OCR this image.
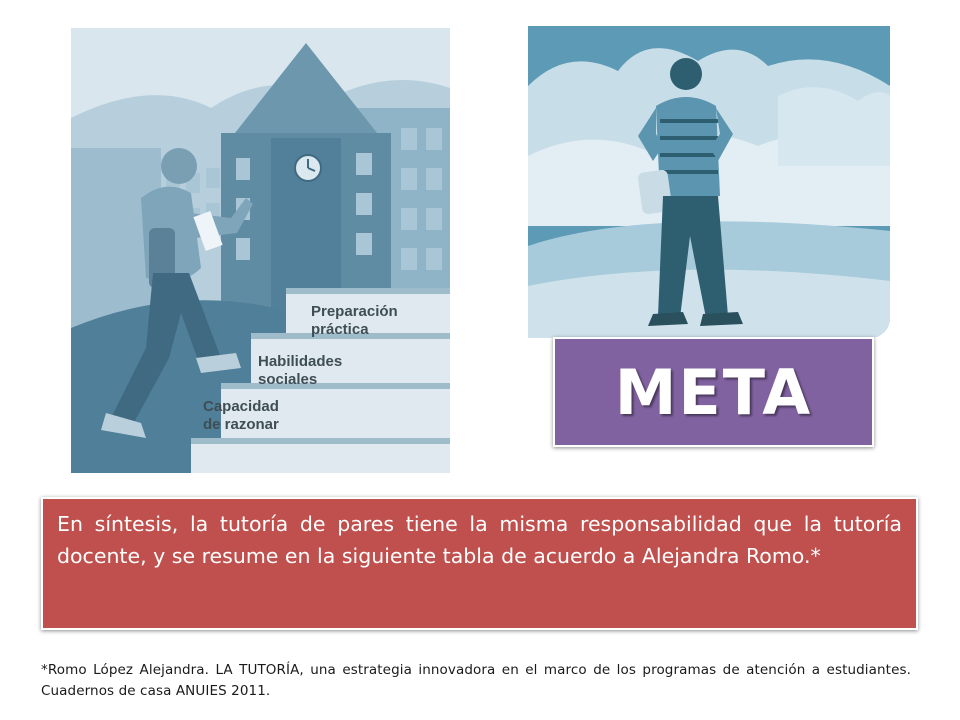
Preparación
práctica
Habilidades
sociales
Capacidad
de razonar	META
En síntesis, la tutoría de pares tiene la misma responsabilidad que la tutoría docente, y se resume en la siguiente tabla de acuerdo a Alejandra Romo.*
*Romo López Alejandra. LA TUTORÍA, una estrategia innovadora en el marco de los programas de atención a estudiantes. Cuadernos de casa ANUIES 2011.
